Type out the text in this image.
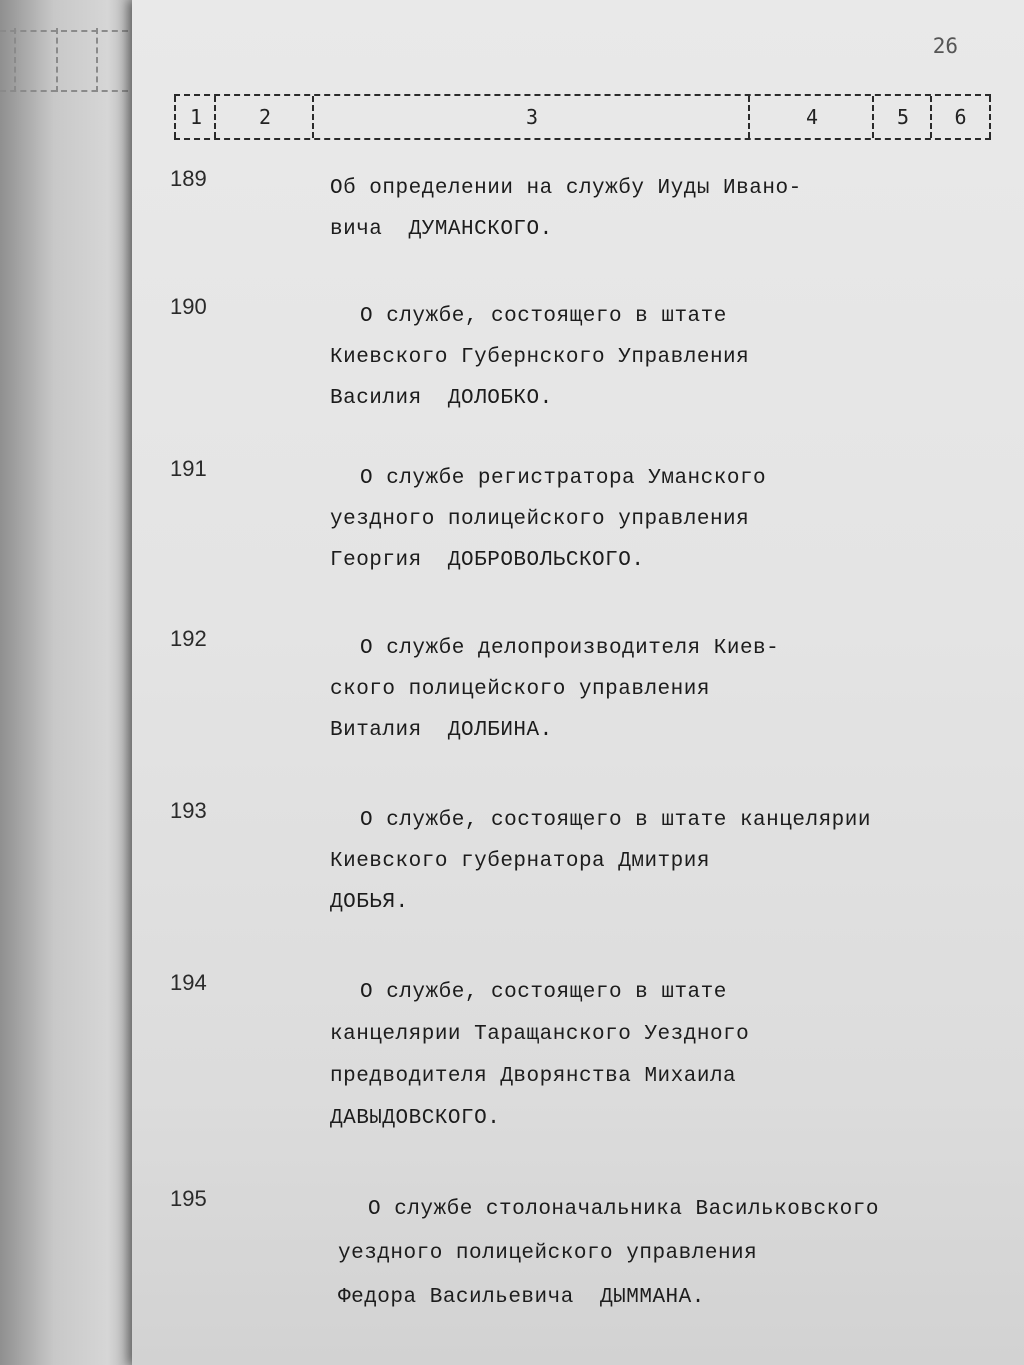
26
1	2	3	4	5	6
189	Об определении на службу Иуды Ивано-
вича  ДУМАНСКОГО.
190	О службе, состоящего в штате
Киевского Губернского Управления
Василия  ДОЛОБКО.
191	О службе регистратора Уманского
уездного полицейского управления
Георгия  ДОБРОВОЛЬСКОГО.
192	О службе делопроизводителя Киев-
ского полицейского управления
Виталия  ДОЛБИНА.
193	О службе, состоящего в штате канцелярии
Киевского губернатора Дмитрия
ДОБЬЯ.
194	О службе, состоящего в штате
канцелярии Таращанского Уездного
предводителя Дворянства Михаила
ДАВЫДОВСКОГО.
195	О службе столоначальника Васильковского
уездного полицейского управления
Федора Васильевича  ДЫММАНА.
